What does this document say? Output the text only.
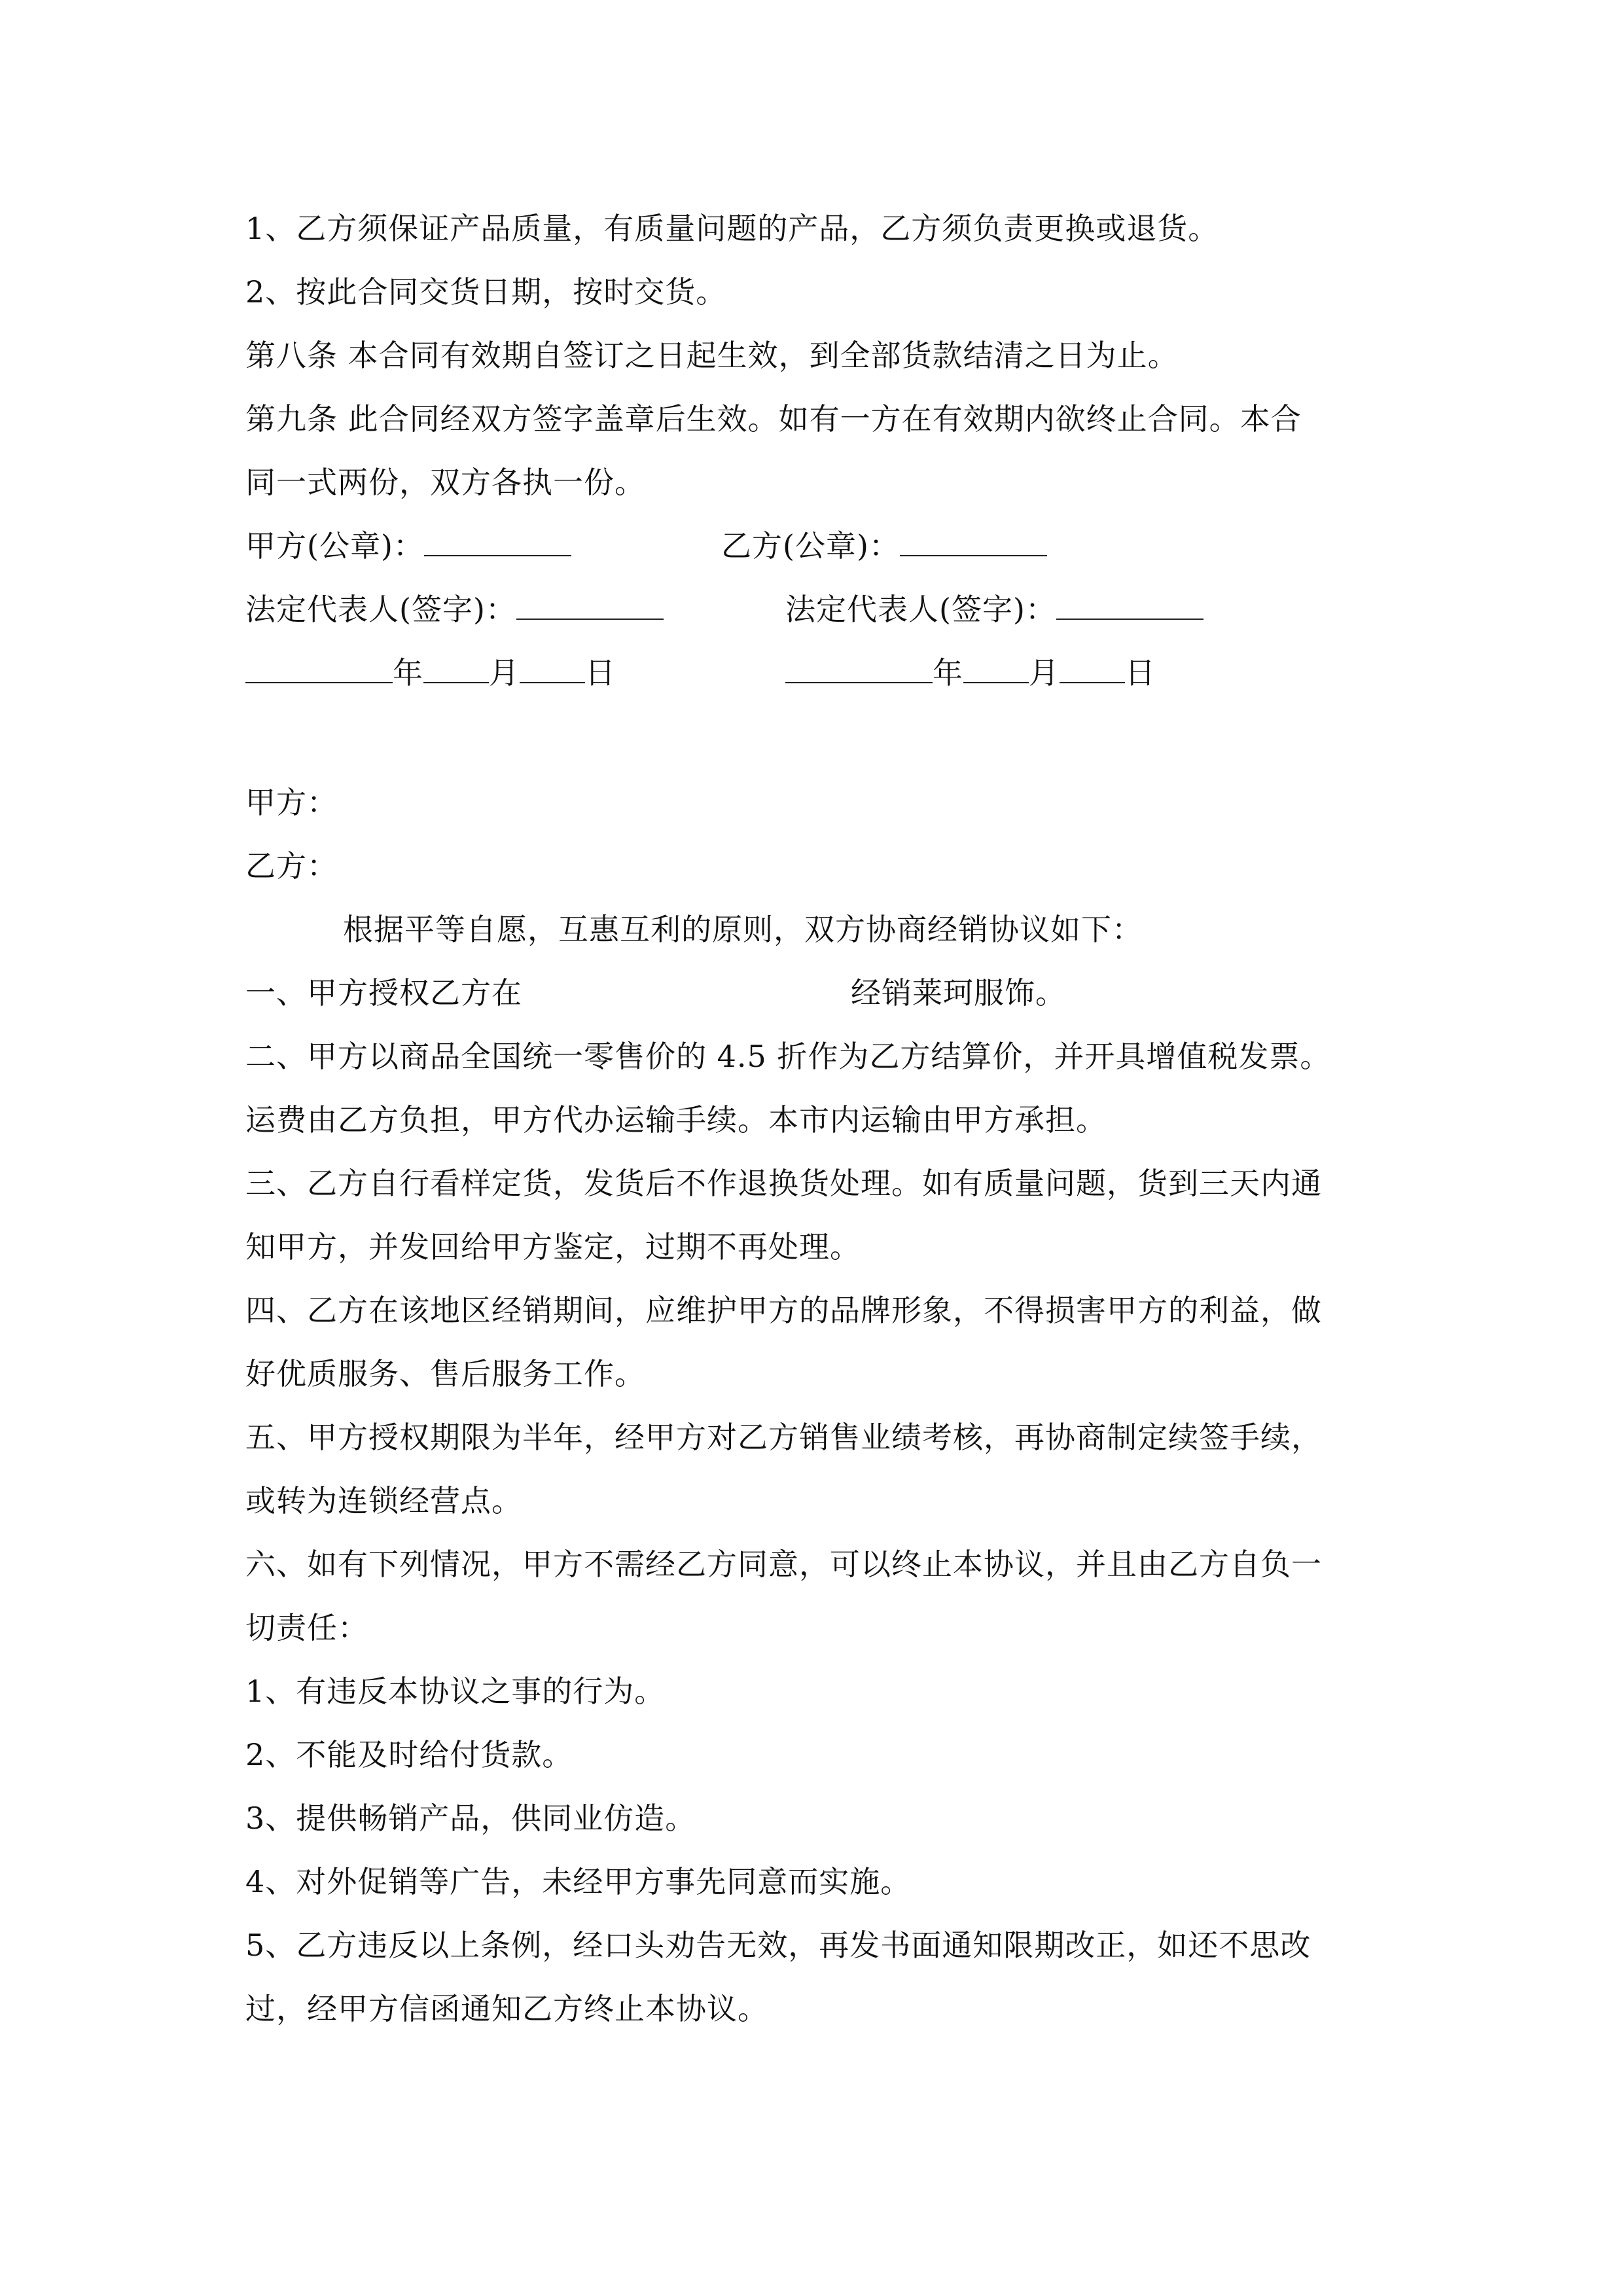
1、乙方须保证产品质量，有质量问题的产品，乙方须负责更换或退货。
2、按此合同交货日期，按时交货。
第八条 本合同有效期自签订之日起生效，到全部货款结清之日为止。
第九条 此合同经双方签字盖章后生效。如有一方在有效期内欲终止合同。本合
同一式两份，双方各执一份。
甲方(公章)：	乙方(公章)：
法定代表人(签字)：	法定代表人(签字)：
年 月 日	年 月 日
甲方：
乙方：
根据平等自愿，互惠互利的原则，双方协商经销协议如下：
一、甲方授权乙方在	经销莱珂服饰。
二、甲方以商品全国统一零售价的 4.5 折作为乙方结算价，并开具增值税发票。
运费由乙方负担，甲方代办运输手续。本市内运输由甲方承担。
三、乙方自行看样定货，发货后不作退换货处理。如有质量问题，货到三天内通
知甲方，并发回给甲方鉴定，过期不再处理。
四、乙方在该地区经销期间，应维护甲方的品牌形象，不得损害甲方的利益，做
好优质服务、售后服务工作。
五、甲方授权期限为半年，经甲方对乙方销售业绩考核，再协商制定续签手续，
或转为连锁经营点。
六、如有下列情况，甲方不需经乙方同意，可以终止本协议，并且由乙方自负一
切责任：
1、有违反本协议之事的行为。
2、不能及时给付货款。
3、提供畅销产品，供同业仿造。
4、对外促销等广告，未经甲方事先同意而实施。
5、乙方违反以上条例，经口头劝告无效，再发书面通知限期改正，如还不思改
过，经甲方信函通知乙方终止本协议。
